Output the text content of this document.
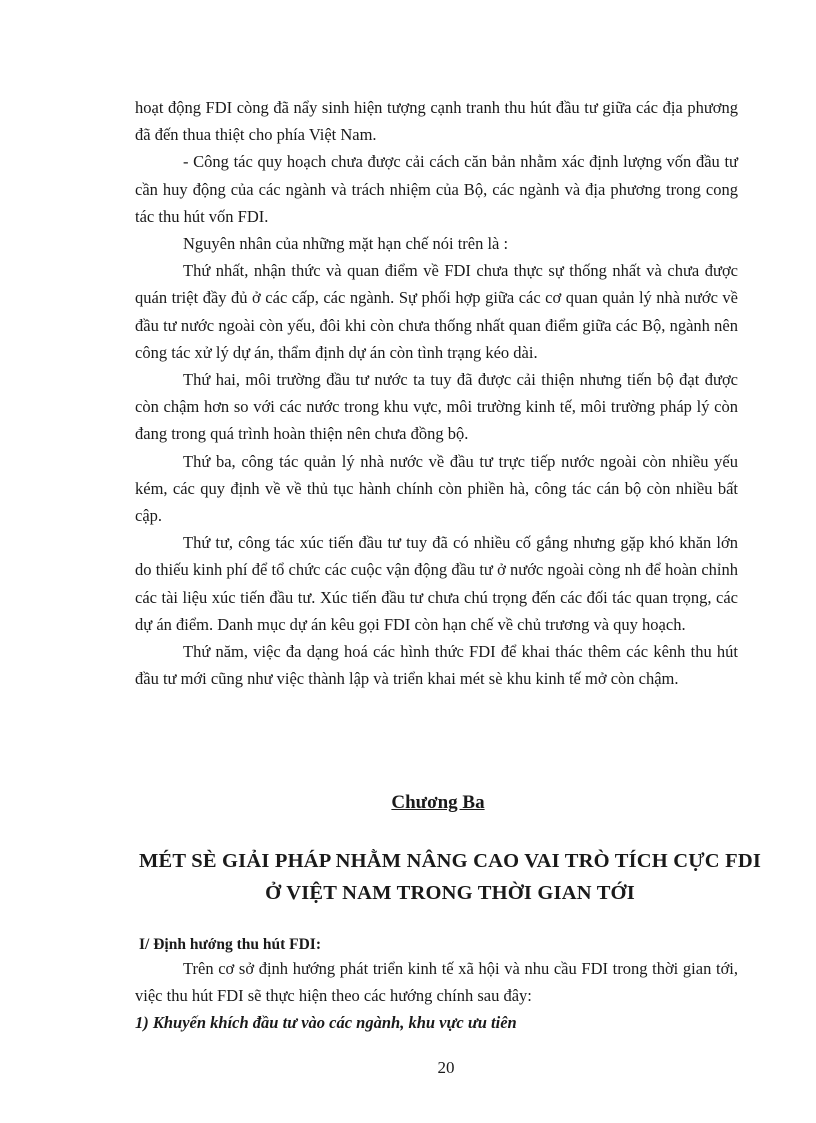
hoạt động FDI còng đã nẩy sinh hiện tượng cạnh tranh thu hút đầu tư giữa các địa phương đã đến thua thiệt cho phía Việt Nam.

- Công tác quy hoạch chưa được cải cách căn bản nhằm xác định lượng vốn đầu tư cần huy động của các ngành và trách nhiệm của Bộ, các ngành và địa phương trong cong tác thu hút vốn FDI.

Nguyên nhân của những mặt hạn chế nói trên là :

Thứ nhất, nhận thức và quan điểm về FDI chưa thực sự thống nhất và chưa được quán triệt đầy đủ ở các cấp, các ngành. Sự phối hợp giữa các cơ quan quản lý nhà nước về đầu tư nước ngoài còn yếu, đôi khi còn chưa thống nhất quan điểm giữa các Bộ, ngành nên công tác xử lý dự án, thẩm định dự án còn tình trạng kéo dài.

Thứ hai, môi trường đầu tư nước ta tuy đã được cải thiện nhưng tiến bộ đạt được còn chậm hơn so với các nước trong khu vực, môi trường kinh tế, môi trường pháp lý còn đang trong quá trình hoàn thiện nên chưa đồng bộ.

Thứ ba, công tác quản lý nhà nước về đầu tư trực tiếp nước ngoài còn nhiều yếu kém, các quy định về về thủ tục hành chính còn phiền hà, công tác cán bộ còn nhiều bất cập.

Thứ tư, công tác xúc tiến đầu tư tuy đã có nhiều cố gắng nhưng gặp khó khăn lớn do thiếu kinh phí để tổ chức các cuộc vận động đầu tư ở nước ngoài còng nh để hoàn chỉnh các tài liệu xúc tiến đầu tư. Xúc tiến đầu tư chưa chú trọng đến các đối tác quan trọng, các dự án điểm. Danh mục dự án kêu gọi FDI còn hạn chế về chủ trương và quy hoạch.

Thứ năm, việc đa dạng hoá các hình thức FDI để khai thác thêm các kênh thu hút đầu tư mới cũng như việc thành lập và triển khai mét sè khu kinh tế mở còn chậm.

Chương Ba
MÉT SÈ GIẢI PHÁP NHẰM NÂNG CAO VAI TRÒ TÍCH CỰC FDI Ở VIỆT NAM TRONG THỜI GIAN TỚI

I/ Định hướng thu hút FDI:

Trên cơ sở định hướng phát triển kinh tế xã hội và nhu cầu FDI trong thời gian tới, việc thu hút FDI sẽ thực hiện theo các hướng chính sau đây:

1) Khuyến khích đầu tư vào các ngành, khu vực ưu tiên

20
